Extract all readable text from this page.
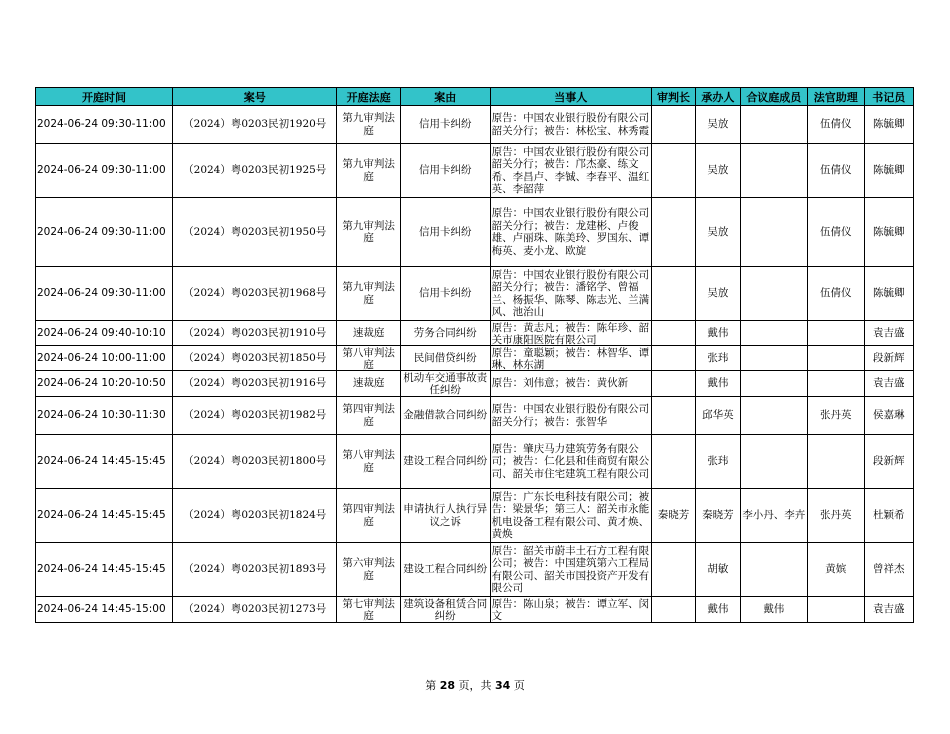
开庭时间	案号	开庭法庭	案由	当事人	审判长	承办人	合议庭成员	法官助理	书记员

2024-06-24 09:30-11:00	（2024）粤0203民初1920号	第九审判法庭	信用卡纠纷	原告：中国农业银行股份有限公司韶关分行；被告：林松宝、林秀霞		吴放		伍倩仪	陈毓卿

2024-06-24 09:30-11:00	（2024）粤0203民初1925号	第九审判法庭	信用卡纠纷	原告：中国农业银行股份有限公司韶关分行；被告：邝杰豪、练文希、李昌卢、李铖、李春平、温红英、李韶萍		吴放		伍倩仪	陈毓卿

2024-06-24 09:30-11:00	（2024）粤0203民初1950号	第九审判法庭	信用卡纠纷	原告：中国农业银行股份有限公司韶关分行；被告：龙建彬、卢俊雄、卢丽珠、陈美玲、罗国东、谭梅英、麦小龙、欧旋		吴放		伍倩仪	陈毓卿

2024-06-24 09:30-11:00	（2024）粤0203民初1968号	第九审判法庭	信用卡纠纷	原告：中国农业银行股份有限公司韶关分行；被告：潘铭学、曾福兰、杨振华、陈琴、陈志光、兰满风、池治山		吴放		伍倩仪	陈毓卿

2024-06-24 09:40-10:10	（2024）粤0203民初1910号	速裁庭	劳务合同纠纷	原告：黄志凡；被告：陈年珍、韶关市康阳医院有限公司		戴伟			袁吉盛

2024-06-24 10:00-11:00	（2024）粤0203民初1850号	第八审判法庭	民间借贷纠纷	原告：童聪颖；被告：林智华、谭琳、林东湖		张玮			段新辉

2024-06-24 10:20-10:50	（2024）粤0203民初1916号	速裁庭	机动车交通事故责任纠纷	原告：刘伟意；被告：黄伙新		戴伟			袁吉盛

2024-06-24 10:30-11:30	（2024）粤0203民初1982号	第四审判法庭	金融借款合同纠纷	原告：中国农业银行股份有限公司韶关分行；被告：张智华		邱华英		张丹英	侯嘉琳

2024-06-24 14:45-15:45	（2024）粤0203民初1800号	第八审判法庭	建设工程合同纠纷	原告：肇庆马力建筑劳务有限公司；被告：仁化县和佳商贸有限公司、韶关市住宅建筑工程有限公司		张玮			段新辉

2024-06-24 14:45-15:45	（2024）粤0203民初1824号	第四审判法庭	申请执行人执行异议之诉	原告：广东长电科技有限公司；被告：梁景华；第三人：韶关市永能机电设备工程有限公司、黄才焕、黄焕	秦晓芳	秦晓芳	李小丹、李卉	张丹英	杜颖希

2024-06-24 14:45-15:45	（2024）粤0203民初1893号	第六审判法庭	建设工程合同纠纷	原告：韶关市蔚丰土石方工程有限公司；被告：中国建筑第六工程局有限公司、韶关市国投资产开发有限公司		胡敏		黄嫔	曾祥杰

2024-06-24 14:45-15:00	（2024）粤0203民初1273号	第七审判法庭	建筑设备租赁合同纠纷	原告：陈山泉；被告：谭立军、闵文		戴伟	戴伟		袁吉盛
第 28 页，共 34 页
